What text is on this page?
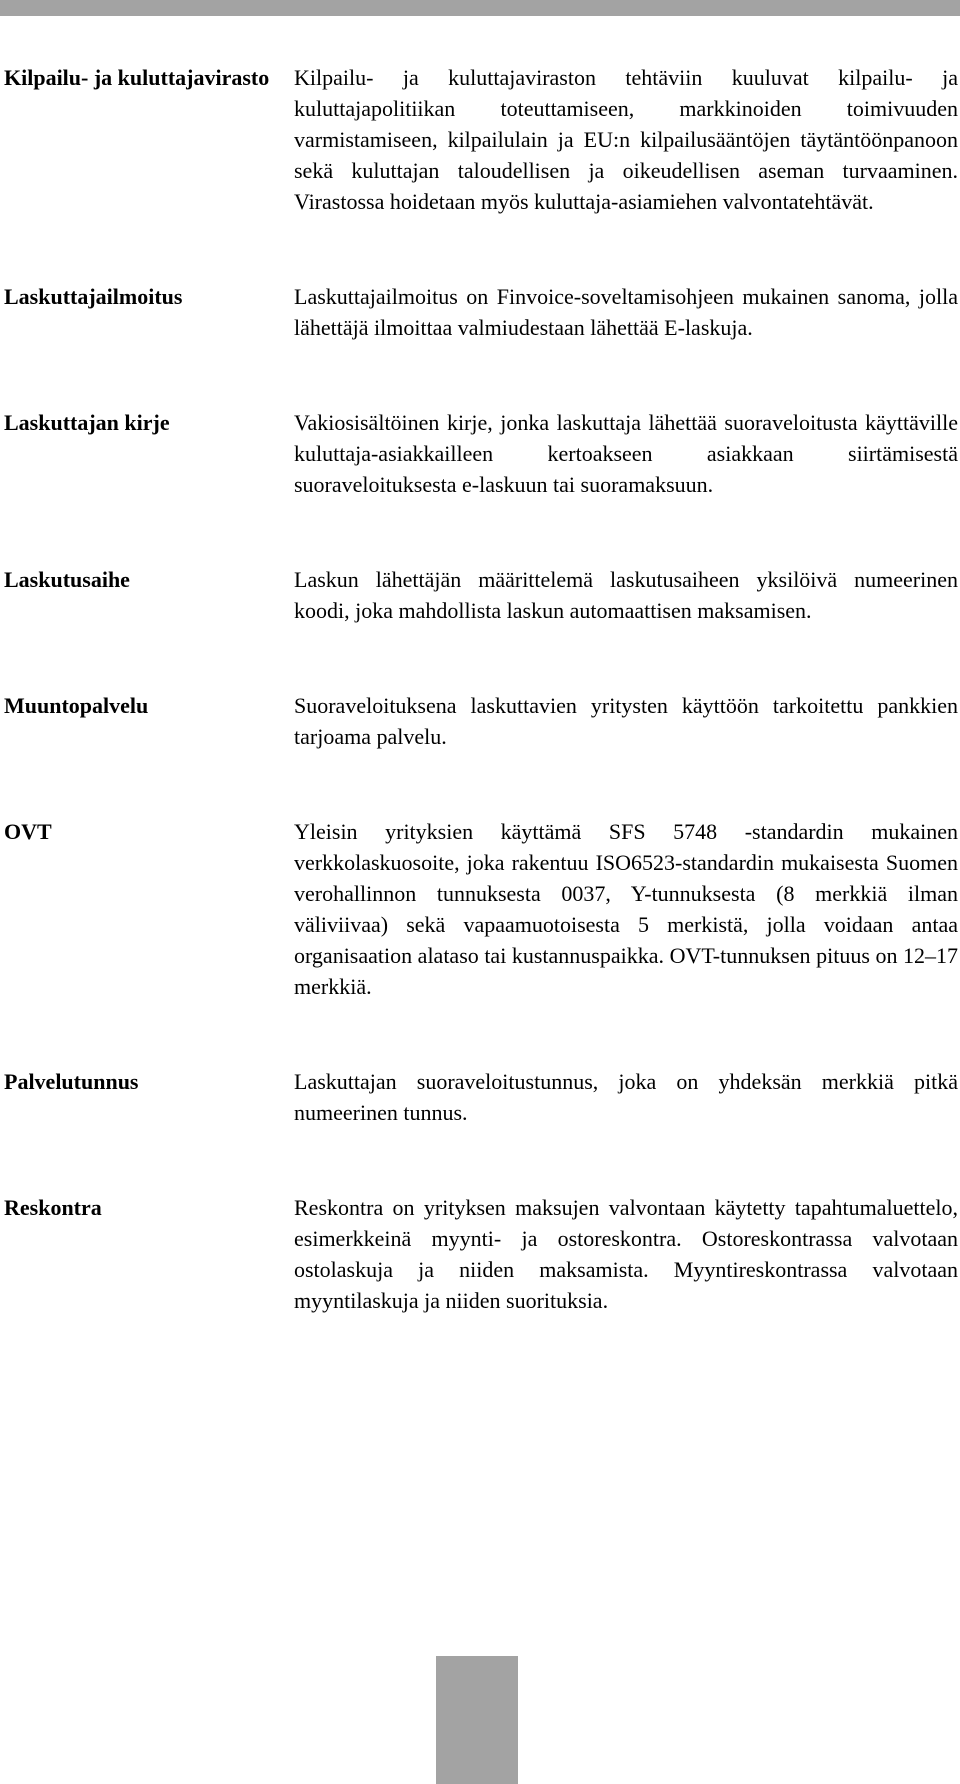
Kilpailu- ja kuluttajavirasto	Kilpailu- ja kuluttajaviraston tehtäviin kuuluvat kilpailu- ja kuluttajapolitiikan toteuttamiseen, markkinoiden toimivuuden varmistamiseen, kilpailulain ja EU:n kilpailusääntöjen täytäntöönpanoon sekä kuluttajan taloudellisen ja oikeudellisen aseman turvaaminen. Virastossa hoidetaan myös kuluttaja-asiamiehen valvontatehtävät.
Laskuttajailmoitus	Laskuttajailmoitus on Finvoice-soveltamisohjeen mukainen sanoma, jolla lähettäjä ilmoittaa valmiudestaan lähettää E-laskuja.
Laskuttajan kirje	Vakiosisältöinen kirje, jonka laskuttaja lähettää suoraveloitusta käyttäville kuluttaja-asiakkailleen kertoakseen asiakkaan siirtämisestä suoraveloituksesta e-laskuun tai suoramaksuun.
Laskutusaihe	Laskun lähettäjän määrittelemä laskutusaiheen yksilöivä numeerinen koodi, joka mahdollista laskun automaattisen maksamisen.
Muuntopalvelu	Suoraveloituksena laskuttavien yritysten käyttöön tarkoitettu pankkien tarjoama palvelu.
OVT	Yleisin yrityksien käyttämä SFS 5748 -standardin mukainen verkkolaskuosoite, joka rakentuu ISO6523-standardin mukaisesta Suomen verohallinnon tunnuksesta 0037, Y-tunnuksesta (8 merkkiä ilman väliviivaa) sekä vapaamuotoisesta 5 merkistä, jolla voidaan antaa organisaation alataso tai kustannuspaikka. OVT-tunnuksen pituus on 12–17 merkkiä.
Palvelutunnus	Laskuttajan suoraveloitustunnus, joka on yhdeksän merkkiä pitkä numeerinen tunnus.
Reskontra	Reskontra on yrityksen maksujen valvontaan käytetty tapahtumaluettelo, esimerkkeinä myynti- ja ostoreskontra. Ostoreskontrassa valvotaan ostolaskuja ja niiden maksamista. Myyntireskontrassa valvotaan myyntilaskuja ja niiden suorituksia.
